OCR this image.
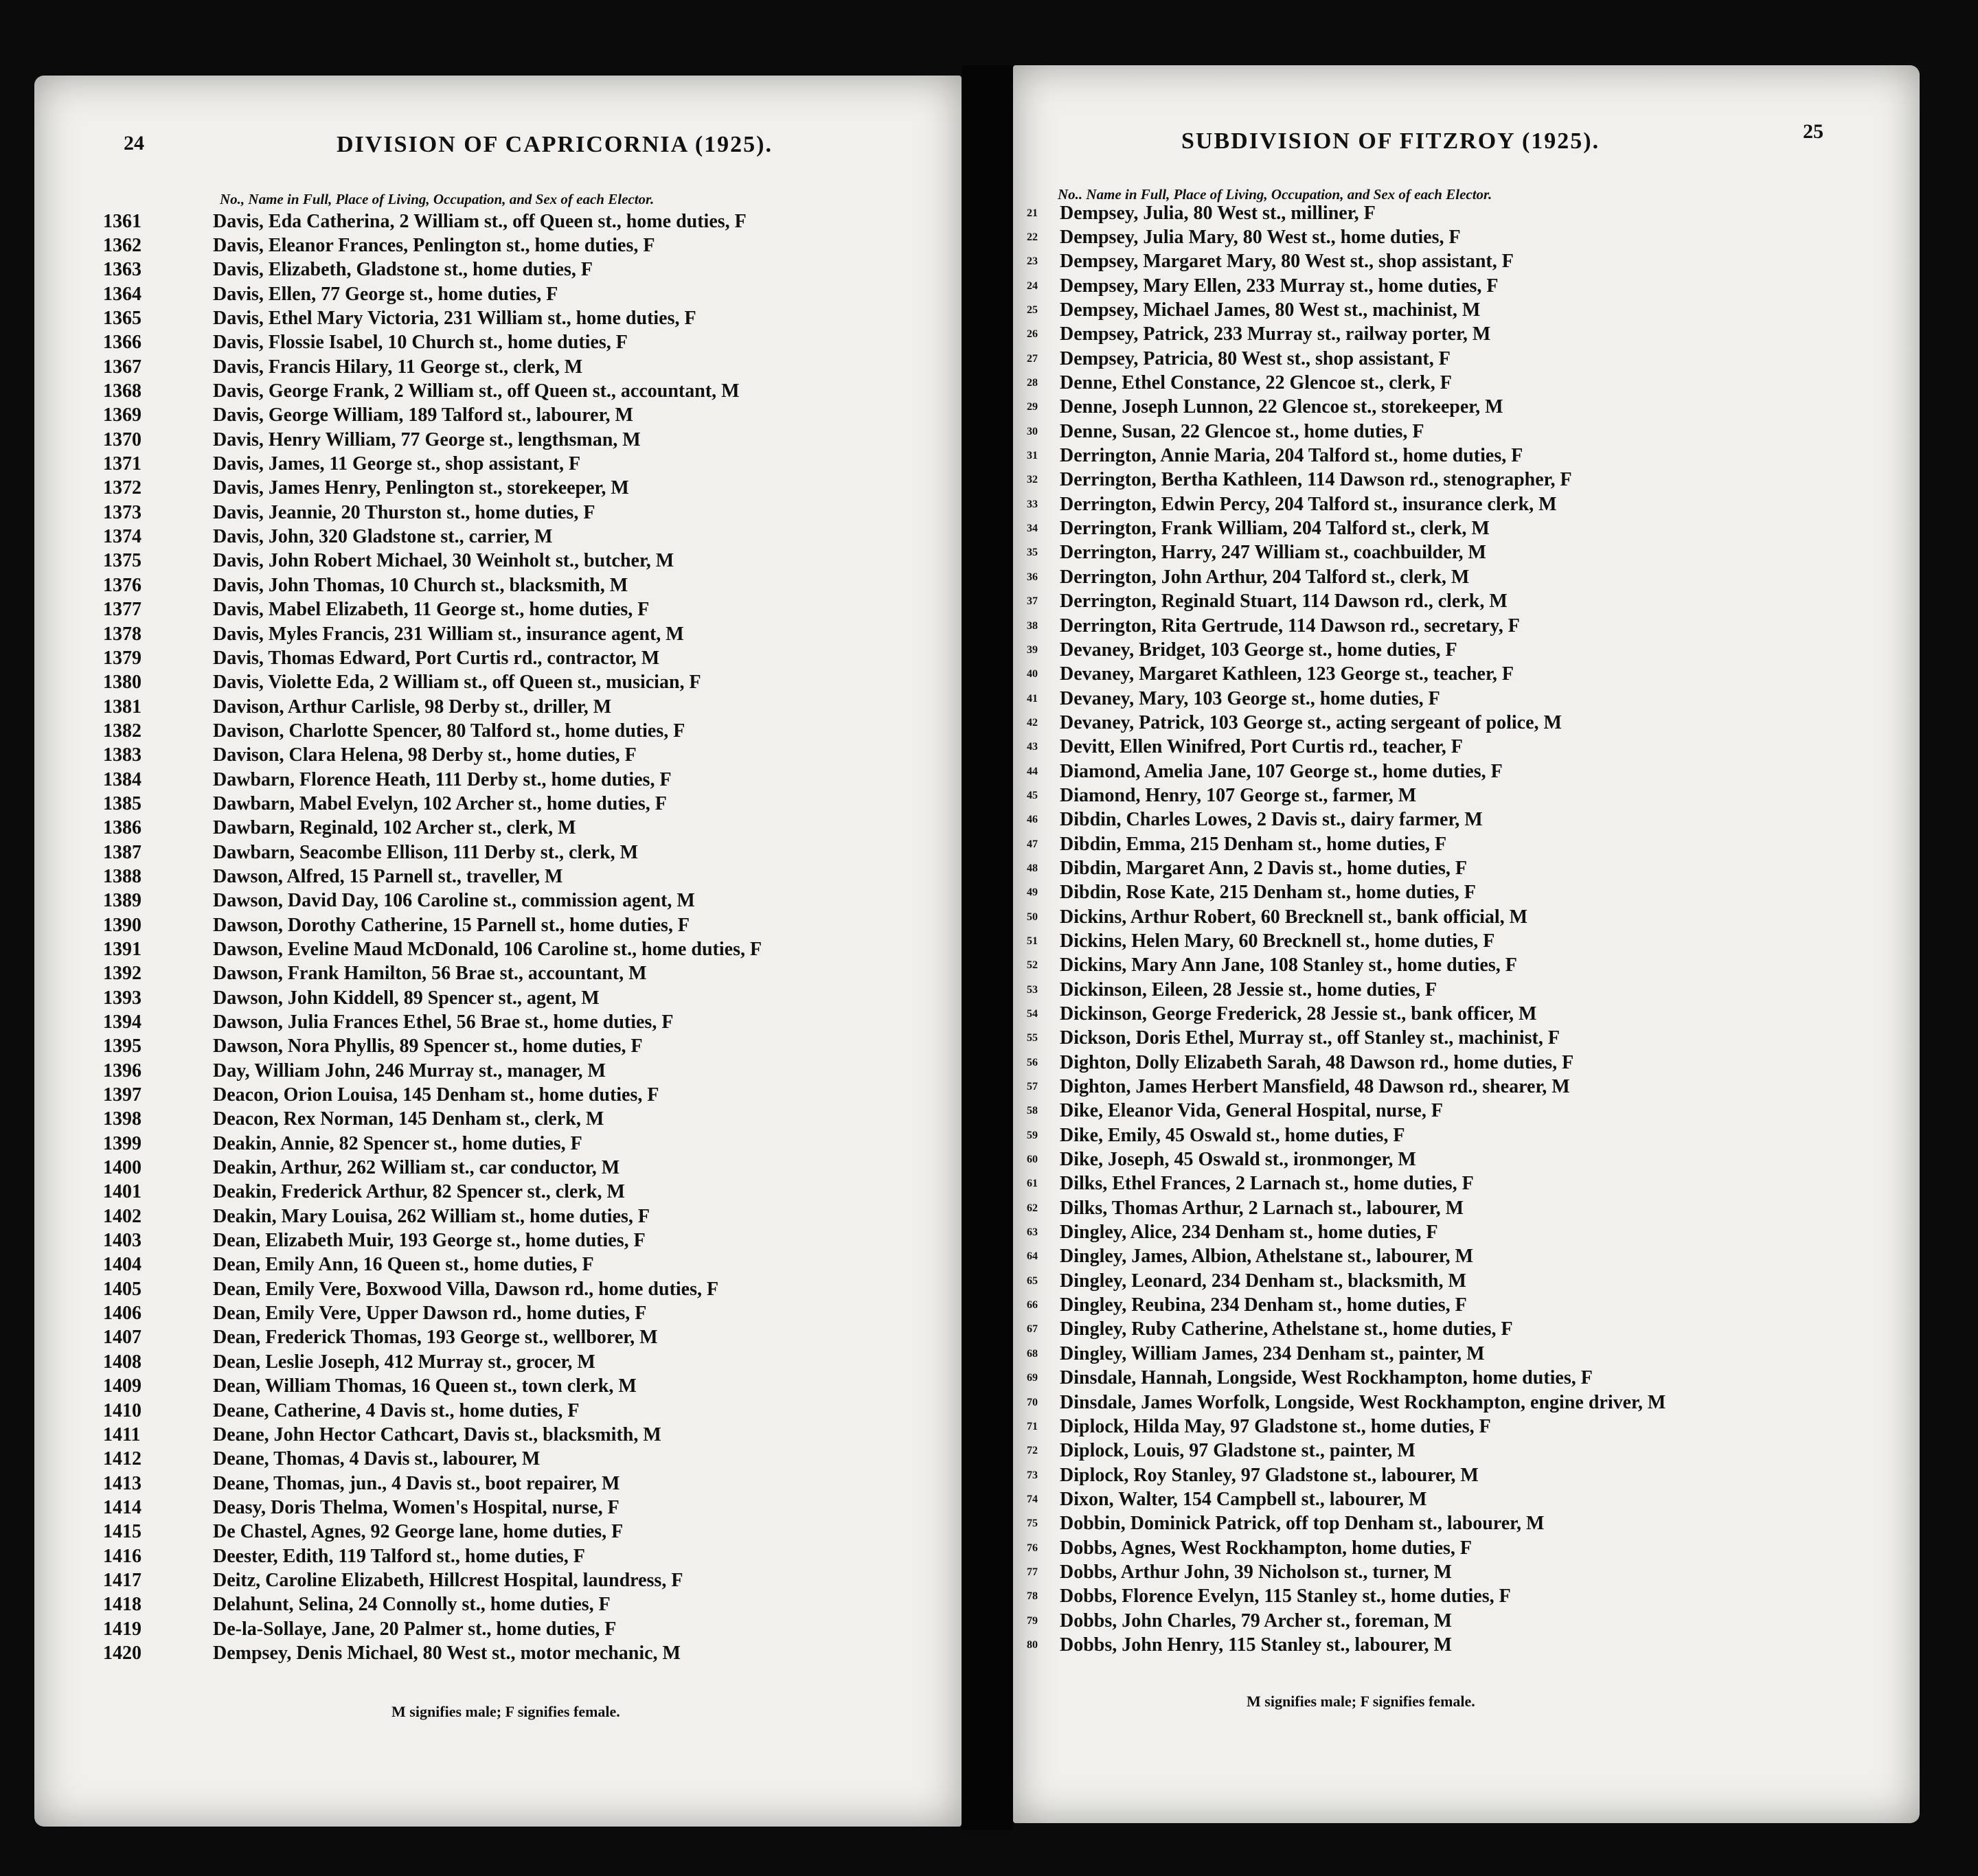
24	DIVISION OF CAPRICORNIA (1925).
No., Name in Full, Place of Living, Occupation, and Sex of each Elector.
1361	Davis, Eda Catherina, 2 William st., off Queen st., home duties, F
1362	Davis, Eleanor Frances, Penlington st., home duties, F
1363	Davis, Elizabeth, Gladstone st., home duties, F
1364	Davis, Ellen, 77 George st., home duties, F
1365	Davis, Ethel Mary Victoria, 231 William st., home duties, F
1366	Davis, Flossie Isabel, 10 Church st., home duties, F
1367	Davis, Francis Hilary, 11 George st., clerk, M
1368	Davis, George Frank, 2 William st., off Queen st., accountant, M
1369	Davis, George William, 189 Talford st., labourer, M
1370	Davis, Henry William, 77 George st., lengthsman, M
1371	Davis, James, 11 George st., shop assistant, F
1372	Davis, James Henry, Penlington st., storekeeper, M
1373	Davis, Jeannie, 20 Thurston st., home duties, F
1374	Davis, John, 320 Gladstone st., carrier, M
1375	Davis, John Robert Michael, 30 Weinholt st., butcher, M
1376	Davis, John Thomas, 10 Church st., blacksmith, M
1377	Davis, Mabel Elizabeth, 11 George st., home duties, F
1378	Davis, Myles Francis, 231 William st., insurance agent, M
1379	Davis, Thomas Edward, Port Curtis rd., contractor, M
1380	Davis, Violette Eda, 2 William st., off Queen st., musician, F
1381	Davison, Arthur Carlisle, 98 Derby st., driller, M
1382	Davison, Charlotte Spencer, 80 Talford st., home duties, F
1383	Davison, Clara Helena, 98 Derby st., home duties, F
1384	Dawbarn, Florence Heath, 111 Derby st., home duties, F
1385	Dawbarn, Mabel Evelyn, 102 Archer st., home duties, F
1386	Dawbarn, Reginald, 102 Archer st., clerk, M
1387	Dawbarn, Seacombe Ellison, 111 Derby st., clerk, M
1388	Dawson, Alfred, 15 Parnell st., traveller, M
1389	Dawson, David Day, 106 Caroline st., commission agent, M
1390	Dawson, Dorothy Catherine, 15 Parnell st., home duties, F
1391	Dawson, Eveline Maud McDonald, 106 Caroline st., home duties, F
1392	Dawson, Frank Hamilton, 56 Brae st., accountant, M
1393	Dawson, John Kiddell, 89 Spencer st., agent, M
1394	Dawson, Julia Frances Ethel, 56 Brae st., home duties, F
1395	Dawson, Nora Phyllis, 89 Spencer st., home duties, F
1396	Day, William John, 246 Murray st., manager, M
1397	Deacon, Orion Louisa, 145 Denham st., home duties, F
1398	Deacon, Rex Norman, 145 Denham st., clerk, M
1399	Deakin, Annie, 82 Spencer st., home duties, F
1400	Deakin, Arthur, 262 William st., car conductor, M
1401	Deakin, Frederick Arthur, 82 Spencer st., clerk, M
1402	Deakin, Mary Louisa, 262 William st., home duties, F
1403	Dean, Elizabeth Muir, 193 George st., home duties, F
1404	Dean, Emily Ann, 16 Queen st., home duties, F
1405	Dean, Emily Vere, Boxwood Villa, Dawson rd., home duties, F
1406	Dean, Emily Vere, Upper Dawson rd., home duties, F
1407	Dean, Frederick Thomas, 193 George st., wellborer, M
1408	Dean, Leslie Joseph, 412 Murray st., grocer, M
1409	Dean, William Thomas, 16 Queen st., town clerk, M
1410	Deane, Catherine, 4 Davis st., home duties, F
1411	Deane, John Hector Cathcart, Davis st., blacksmith, M
1412	Deane, Thomas, 4 Davis st., labourer, M
1413	Deane, Thomas, jun., 4 Davis st., boot repairer, M
1414	Deasy, Doris Thelma, Women's Hospital, nurse, F
1415	De Chastel, Agnes, 92 George lane, home duties, F
1416	Deester, Edith, 119 Talford st., home duties, F
1417	Deitz, Caroline Elizabeth, Hillcrest Hospital, laundress, F
1418	Delahunt, Selina, 24 Connolly st., home duties, F
1419	De-la-Sollaye, Jane, 20 Palmer st., home duties, F
1420	Dempsey, Denis Michael, 80 West st., motor mechanic, M
M signifies male; F signifies female.
SUBDIVISION OF FITZROY (1925).	25
No.. Name in Full, Place of Living, Occupation, and Sex of each Elector.
21	Dempsey, Julia, 80 West st., milliner, F
22	Dempsey, Julia Mary, 80 West st., home duties, F
23	Dempsey, Margaret Mary, 80 West st., shop assistant, F
24	Dempsey, Mary Ellen, 233 Murray st., home duties, F
25	Dempsey, Michael James, 80 West st., machinist, M
26	Dempsey, Patrick, 233 Murray st., railway porter, M
27	Dempsey, Patricia, 80 West st., shop assistant, F
28	Denne, Ethel Constance, 22 Glencoe st., clerk, F
29	Denne, Joseph Lunnon, 22 Glencoe st., storekeeper, M
30	Denne, Susan, 22 Glencoe st., home duties, F
31	Derrington, Annie Maria, 204 Talford st., home duties, F
32	Derrington, Bertha Kathleen, 114 Dawson rd., stenographer, F
33	Derrington, Edwin Percy, 204 Talford st., insurance clerk, M
34	Derrington, Frank William, 204 Talford st., clerk, M
35	Derrington, Harry, 247 William st., coachbuilder, M
36	Derrington, John Arthur, 204 Talford st., clerk, M
37	Derrington, Reginald Stuart, 114 Dawson rd., clerk, M
38	Derrington, Rita Gertrude, 114 Dawson rd., secretary, F
39	Devaney, Bridget, 103 George st., home duties, F
40	Devaney, Margaret Kathleen, 123 George st., teacher, F
41	Devaney, Mary, 103 George st., home duties, F
42	Devaney, Patrick, 103 George st., acting sergeant of police, M
43	Devitt, Ellen Winifred, Port Curtis rd., teacher, F
44	Diamond, Amelia Jane, 107 George st., home duties, F
45	Diamond, Henry, 107 George st., farmer, M
46	Dibdin, Charles Lowes, 2 Davis st., dairy farmer, M
47	Dibdin, Emma, 215 Denham st., home duties, F
48	Dibdin, Margaret Ann, 2 Davis st., home duties, F
49	Dibdin, Rose Kate, 215 Denham st., home duties, F
50	Dickins, Arthur Robert, 60 Brecknell st., bank official, M
51	Dickins, Helen Mary, 60 Brecknell st., home duties, F
52	Dickins, Mary Ann Jane, 108 Stanley st., home duties, F
53	Dickinson, Eileen, 28 Jessie st., home duties, F
54	Dickinson, George Frederick, 28 Jessie st., bank officer, M
55	Dickson, Doris Ethel, Murray st., off Stanley st., machinist, F
56	Dighton, Dolly Elizabeth Sarah, 48 Dawson rd., home duties, F
57	Dighton, James Herbert Mansfield, 48 Dawson rd., shearer, M
58	Dike, Eleanor Vida, General Hospital, nurse, F
59	Dike, Emily, 45 Oswald st., home duties, F
60	Dike, Joseph, 45 Oswald st., ironmonger, M
61	Dilks, Ethel Frances, 2 Larnach st., home duties, F
62	Dilks, Thomas Arthur, 2 Larnach st., labourer, M
63	Dingley, Alice, 234 Denham st., home duties, F
64	Dingley, James, Albion, Athelstane st., labourer, M
65	Dingley, Leonard, 234 Denham st., blacksmith, M
66	Dingley, Reubina, 234 Denham st., home duties, F
67	Dingley, Ruby Catherine, Athelstane st., home duties, F
68	Dingley, William James, 234 Denham st., painter, M
69	Dinsdale, Hannah, Longside, West Rockhampton, home duties, F
70	Dinsdale, James Worfolk, Longside, West Rockhampton, engine driver, M
71	Diplock, Hilda May, 97 Gladstone st., home duties, F
72	Diplock, Louis, 97 Gladstone st., painter, M
73	Diplock, Roy Stanley, 97 Gladstone st., labourer, M
74	Dixon, Walter, 154 Campbell st., labourer, M
75	Dobbin, Dominick Patrick, off top Denham st., labourer, M
76	Dobbs, Agnes, West Rockhampton, home duties, F
77	Dobbs, Arthur John, 39 Nicholson st., turner, M
78	Dobbs, Florence Evelyn, 115 Stanley st., home duties, F
79	Dobbs, John Charles, 79 Archer st., foreman, M
80	Dobbs, John Henry, 115 Stanley st., labourer, M
M signifies male; F signifies female.
